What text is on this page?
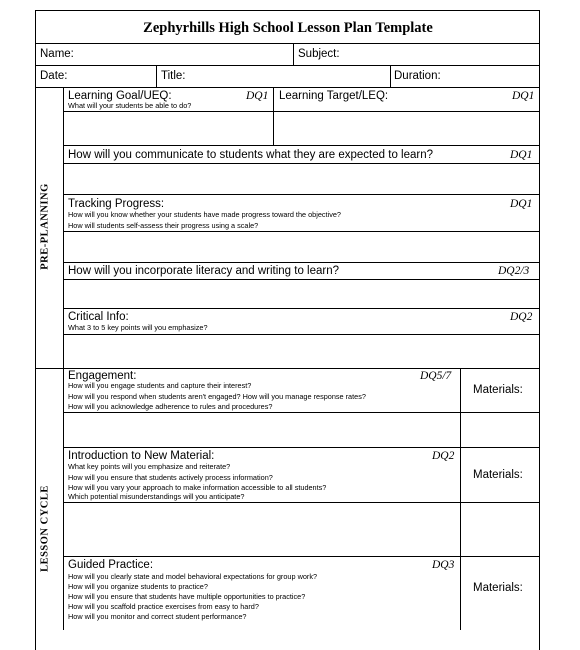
Zephyrhills High School Lesson Plan Template
Name:	Subject:
Date:	Title:	Duration:
PRE-PLANNING
LESSON CYCLE
Learning Goal/UEQ:	DQ1
What will your students be able to do?
Learning Target/LEQ:	DQ1
How will you communicate to students what they are expected to learn?	DQ1
Tracking Progress:	DQ1
How will you know whether your students have made progress toward the objective?
How will students self-assess their progress using a scale?
How will you incorporate literacy and writing to learn?	DQ2/3
Critical Info:	DQ2
What 3 to 5 key points will you emphasize?
Engagement:	DQ5/7
How will you engage students and capture their interest?
How will you respond when students aren't engaged? How will you manage response rates?
How will you acknowledge adherence to rules and procedures?
Materials:
Introduction to New Material:	DQ2
What key points will you emphasize and reiterate?
How will you ensure that students actively process information?
How will you vary your approach to make information accessible to all students?
Which potential misunderstandings will you anticipate?
Materials:
Guided Practice:	DQ3
How will you clearly state and model behavioral expectations for group work?
How will you organize students to practice?
How will you ensure that students have multiple opportunities to practice?
How will you scaffold practice exercises from easy to hard?
How will you monitor and correct student performance?
Materials:
